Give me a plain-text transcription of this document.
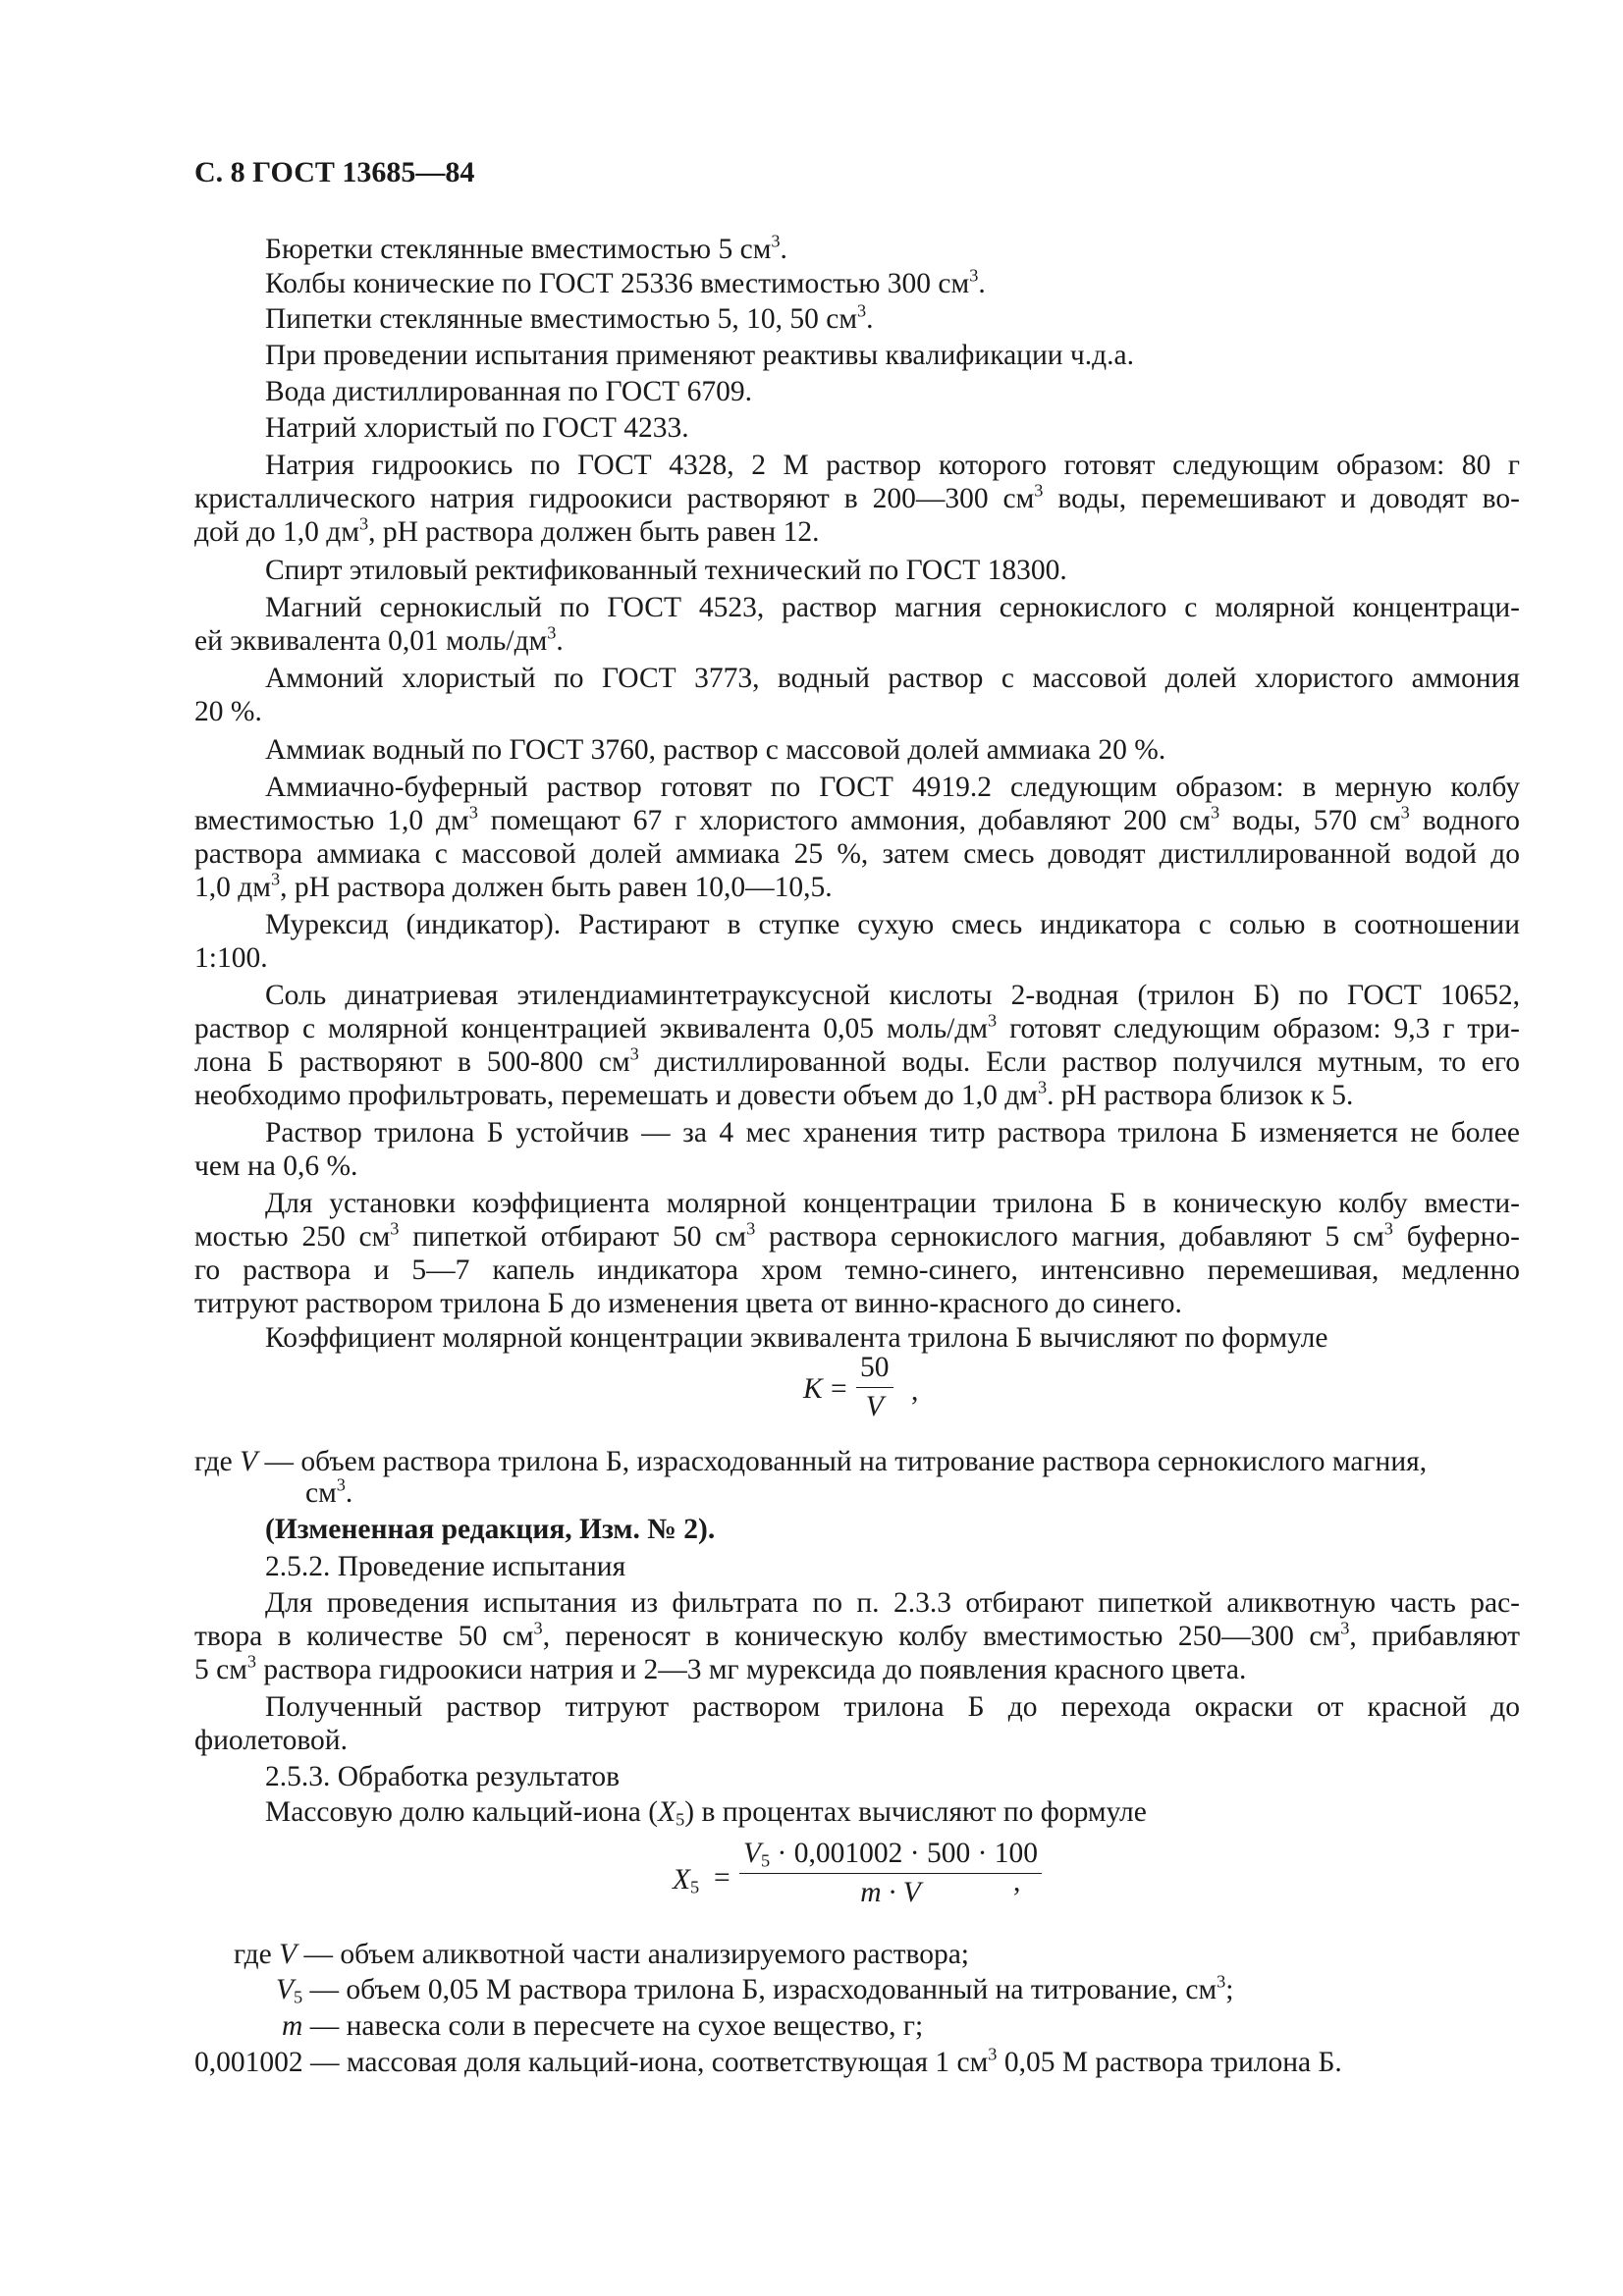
С. 8 ГОСТ 13685—84
Бюретки стеклянные вместимостью 5 $см^3$.
Колбы конические по ГОСТ 25336 вместимостью 300 $см^3$.
Пипетки стеклянные вместимостью 5, 10, 50 $см^3$.
При проведении испытания применяют реактивы квалификации ч.д.а.
Вода дистиллированная по ГОСТ 6709.
Натрий хлористый по ГОСТ 4233.
Натрия гидроокись по ГОСТ 4328, 2 М раствор которого готовят следующим образом: 80 г
кристаллического натрия гидроокиси растворяют в 200—300 $см^3$ воды, перемешивают и доводят во-
дой до 1,0 $дм^3$, рН раствора должен быть равен 12.
Спирт этиловый ректификованный технический по ГОСТ 18300.
Магний сернокислый по ГОСТ 4523, раствор магния сернокислого с молярной концентраци-
ей эквивалента 0,01 моль/$дм^3$.
Аммоний хлористый по ГОСТ 3773, водный раствор с массовой долей хлористого аммония
20 %.
Аммиак водный по ГОСТ 3760, раствор с массовой долей аммиака 20 %.
Аммиачно-буферный раствор готовят по ГОСТ 4919.2 следующим образом: в мерную колбу
вместимостью 1,0 $дм^3$ помещают 67 г хлористого аммония, добавляют 200 $см^3$ воды, 570 $см^3$ водного
раствора аммиака с массовой долей аммиака 25 %, затем смесь доводят дистиллированной водой до
1,0 $дм^3$, рН раствора должен быть равен 10,0—10,5.
Мурексид (индикатор). Растирают в ступке сухую смесь индикатора с солью в соотношении
1:100.
Соль динатриевая этилендиаминтетрауксусной кислоты 2-водная (трилон Б) по ГОСТ 10652,
раствор с молярной концентрацией эквивалента 0,05 моль/$дм^3$ готовят следующим образом: 9,3 г три-
лона Б растворяют в 500-800 $см^3$ дистиллированной воды. Если раствор получился мутным, то его
необходимо профильтровать, перемешать и довести объем до 1,0 $дм^3$. рН раствора близок к 5.
Раствор трилона Б устойчив — за 4 мес хранения титр раствора трилона Б изменяется не более
чем на 0,6 %.
Для установки коэффициента молярной концентрации трилона Б в коническую колбу вмести-
мостью 250 $см^3$ пипеткой отбирают 50 $см^3$ раствора сернокислого магния, добавляют 5 $см^3$ буферно-
го раствора и 5—7 капель индикатора хром темно-синего, интенсивно перемешивая, медленно
титруют раствором трилона Б до изменения цвета от винно-красного до синего.
Коэффициент молярной концентрации эквивалента трилона Б вычисляют по формуле
$K = \frac{50}{V}$ ,
где V — объем раствора трилона Б, израсходованный на титрование раствора сернокислого магния,
$см^3$.
(Измененная редакция, Изм. № 2).
2.5.2. Проведение испытания
Для проведения испытания из фильтрата по п. 2.3.3 отбирают пипеткой аликвотную часть рас-
твора в количестве 50 $см^3$, переносят в коническую колбу вместимостью 250—300 $см^3$, прибавляют
5 $см^3$ раствора гидроокиси натрия и 2—3 мг мурексида до появления красного цвета.
Полученный раствор титруют раствором трилона Б до перехода окраски от красной до
фиолетовой.
2.5.3. Обработка результатов
Массовую долю кальций-иона $(X_5)$ в процентах вычисляют по формуле
$X_5 = \frac{V_5 \cdot 0,001002 \cdot 500 \cdot 100}{m \cdot V}$
,
где V — объем аликвотной части анализируемого раствора;
$V_5$ — объем 0,05 М раствора трилона Б, израсходованный на титрование, $см^3$;
m — навеска соли в пересчете на сухое вещество, г;
0,001002 — массовая доля кальций-иона, соответствующая 1 $см^3$ 0,05 М раствора трилона Б.
